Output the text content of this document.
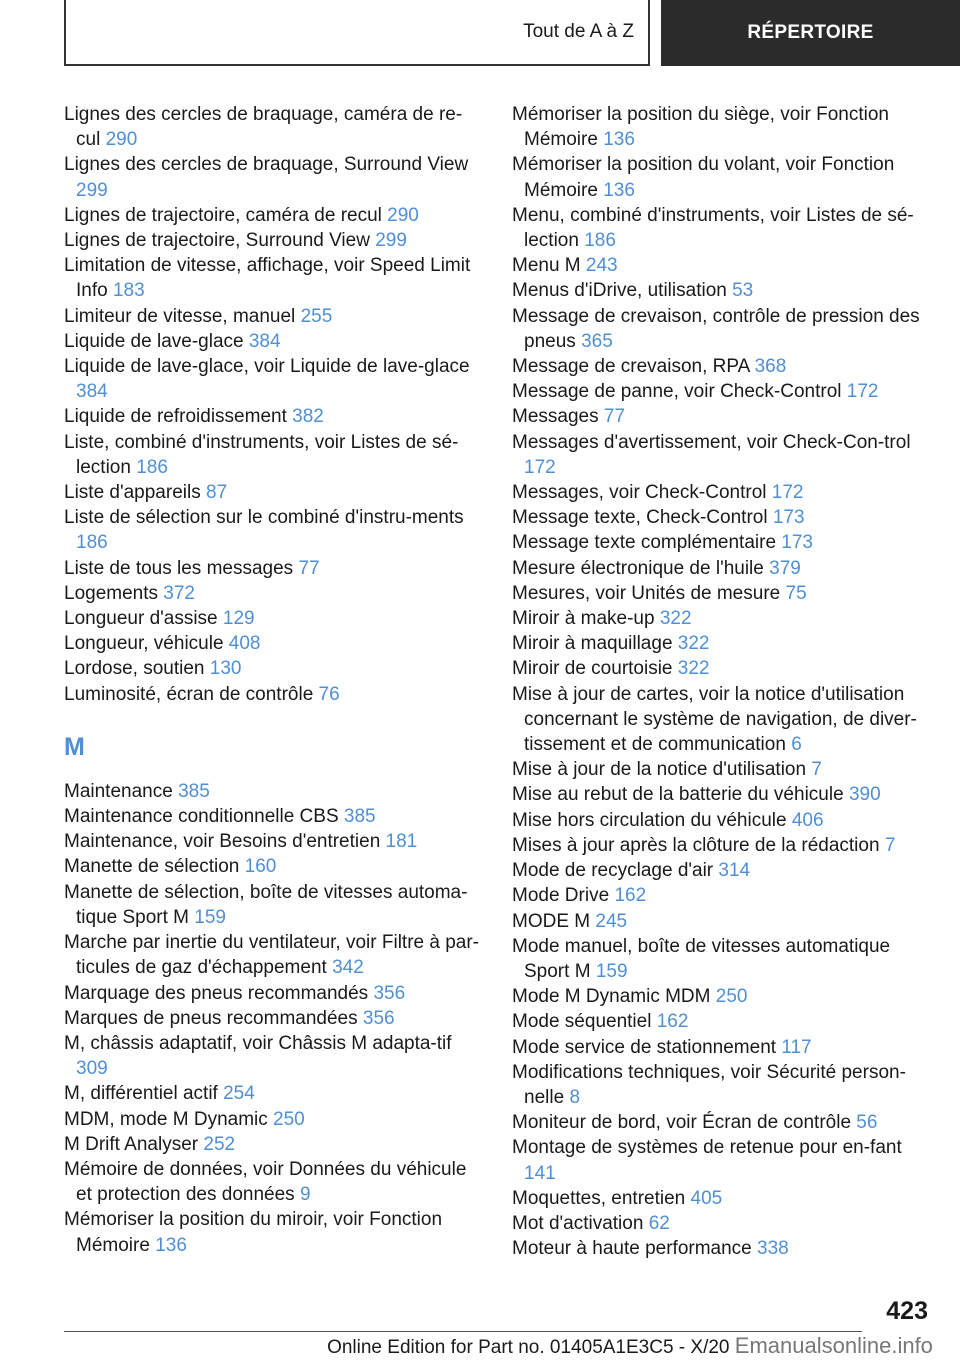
Tout de A à Z	RÉPERTOIRE
Lignes des cercles de braquage, caméra de re-cul 290
Lignes des cercles de braquage, Surround View 299
Lignes de trajectoire, caméra de recul 290
Lignes de trajectoire, Surround View 299
Limitation de vitesse, affichage, voir Speed Limit Info 183
Limiteur de vitesse, manuel 255
Liquide de lave-glace 384
Liquide de lave-glace, voir Liquide de lave-glace 384
Liquide de refroidissement 382
Liste, combiné d'instruments, voir Listes de sé-lection 186
Liste d'appareils 87
Liste de sélection sur le combiné d'instru-ments 186
Liste de tous les messages 77
Logements 372
Longueur d'assise 129
Longueur, véhicule 408
Lordose, soutien 130
Luminosité, écran de contrôle 76
M
Maintenance 385
Maintenance conditionnelle CBS 385
Maintenance, voir Besoins d'entretien 181
Manette de sélection 160
Manette de sélection, boîte de vitesses automa-tique Sport M 159
Marche par inertie du ventilateur, voir Filtre à par-ticules de gaz d'échappement 342
Marquage des pneus recommandés 356
Marques de pneus recommandées 356
M, châssis adaptatif, voir Châssis M adapta-tif 309
M, différentiel actif 254
MDM, mode M Dynamic 250
M Drift Analyser 252
Mémoire de données, voir Données du véhicule et protection des données 9
Mémoriser la position du miroir, voir Fonction Mémoire 136
Mémoriser la position du siège, voir Fonction Mémoire 136
Mémoriser la position du volant, voir Fonction Mémoire 136
Menu, combiné d'instruments, voir Listes de sé-lection 186
Menu M 243
Menus d'iDrive, utilisation 53
Message de crevaison, contrôle de pression des pneus 365
Message de crevaison, RPA 368
Message de panne, voir Check-Control 172
Messages 77
Messages d'avertissement, voir Check-Con-trol 172
Messages, voir Check-Control 172
Message texte, Check-Control 173
Message texte complémentaire 173
Mesure électronique de l'huile 379
Mesures, voir Unités de mesure 75
Miroir à make-up 322
Miroir à maquillage 322
Miroir de courtoisie 322
Mise à jour de cartes, voir la notice d'utilisation concernant le système de navigation, de diver-tissement et de communication 6
Mise à jour de la notice d'utilisation 7
Mise au rebut de la batterie du véhicule 390
Mise hors circulation du véhicule 406
Mises à jour après la clôture de la rédaction 7
Mode de recyclage d'air 314
Mode Drive 162
MODE M 245
Mode manuel, boîte de vitesses automatique Sport M 159
Mode M Dynamic MDM 250
Mode séquentiel 162
Mode service de stationnement 117
Modifications techniques, voir Sécurité person-nelle 8
Moniteur de bord, voir Écran de contrôle 56
Montage de systèmes de retenue pour en-fant 141
Moquettes, entretien 405
Mot d'activation 62
Moteur à haute performance 338
423
Online Edition for Part no. 01405A1E3C5 - X/20 Emanualsonline.info
